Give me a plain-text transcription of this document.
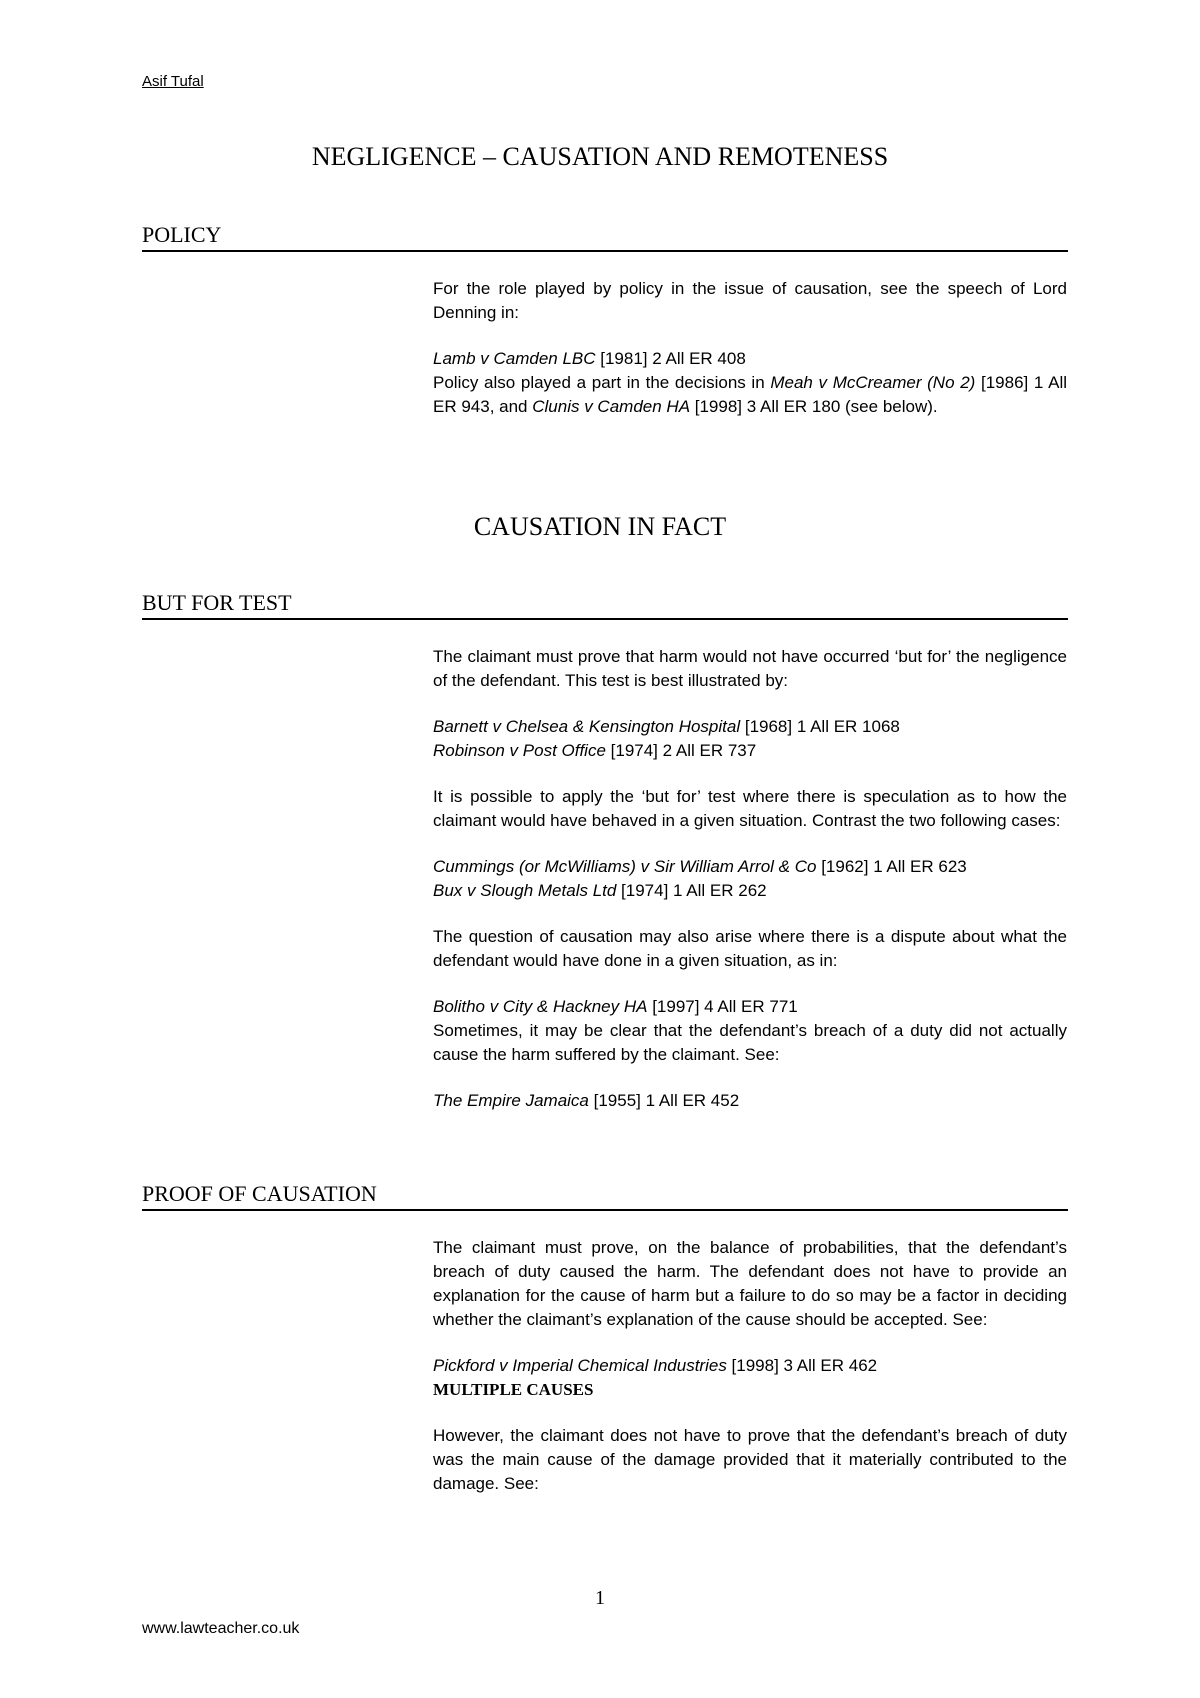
Asif Tufal
NEGLIGENCE – CAUSATION AND REMOTENESS
POLICY

For the role played by policy in the issue of causation, see the speech of Lord Denning in:

Lamb v Camden LBC [1981] 2 All ER 408

Policy also played a part in the decisions in Meah v McCreamer (No 2) [1986] 1 All ER 943, and Clunis v Camden HA [1998] 3 All ER 180 (see below).

CAUSATION IN FACT
BUT FOR TEST

The claimant must prove that harm would not have occurred ‘but for’ the negligence of the defendant. This test is best illustrated by:

Barnett v Chelsea & Kensington Hospital [1968] 1 All ER 1068

Robinson v Post Office [1974] 2 All ER 737

It is possible to apply the ‘but for’ test where there is speculation as to how the claimant would have behaved in a given situation. Contrast the two following cases:

Cummings (or McWilliams) v Sir William Arrol & Co [1962] 1 All ER 623

Bux v Slough Metals Ltd [1974] 1 All ER 262

The question of causation may also arise where there is a dispute about what the defendant would have done in a given situation, as in:

Bolitho v City & Hackney HA [1997] 4 All ER 771

Sometimes, it may be clear that the defendant’s breach of a duty did not actually cause the harm suffered by the claimant. See:

The Empire Jamaica [1955] 1 All ER 452

PROOF OF CAUSATION

The claimant must prove, on the balance of probabilities, that the defendant’s breach of duty caused the harm. The defendant does not have to provide an explanation for the cause of harm but a failure to do so may be a factor in deciding whether the claimant’s explanation of the cause should be accepted. See:

Pickford v Imperial Chemical Industries [1998] 3 All ER 462

MULTIPLE CAUSES

However, the claimant does not have to prove that the defendant’s breach of duty was the main cause of the damage provided that it materially contributed to the damage. See:

1
www.lawteacher.co.uk
